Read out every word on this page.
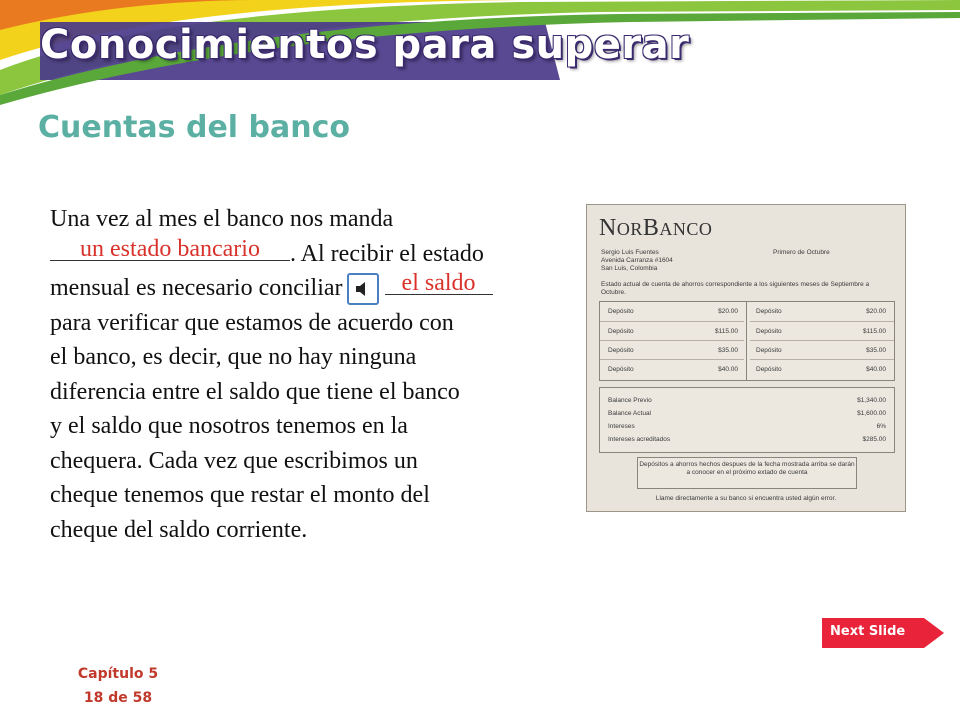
Conocimientos para superar
Cuentas del banco
Una vez al mes el banco nos manda
un estado bancario	. Al recibir el estado
mensual es necesario conciliar	el saldo
para verificar que estamos de acuerdo con
el banco, es decir, que no hay ninguna
diferencia entre el saldo que tiene el banco
y el saldo que nosotros tenemos en la
chequera. Cada vez que escribimos un
cheque tenemos que restar el monto del
cheque del saldo corriente.
NORBANCO
Sergio Luis Fuentes
Avenida Carranza #1604
San Luis, Colombia
Primero de Octubre
Estado actual de cuenta de ahorros correspondiente a los siguientes meses de Septiembre a Octubre.
Depósito	$20.00
Depósito	$115.00
Depósito	$35.00
Depósito	$40.00
Depósito	$20.00
Depósito	$115.00
Depósito	$35.00
Depósito	$40.00
Balance Previo	$1,340.00
Balance Actual	$1,600.00
Intereses	6%
Intereses acreditados	$285.00
Depósitos a ahorros hechos despues de la fecha mostrada arriba se darán a conocer en el próximo extado de cuenta
Llame directamente a su banco si encuentra usted algún error.
Next Slide
Capítulo 5
18 de 58
